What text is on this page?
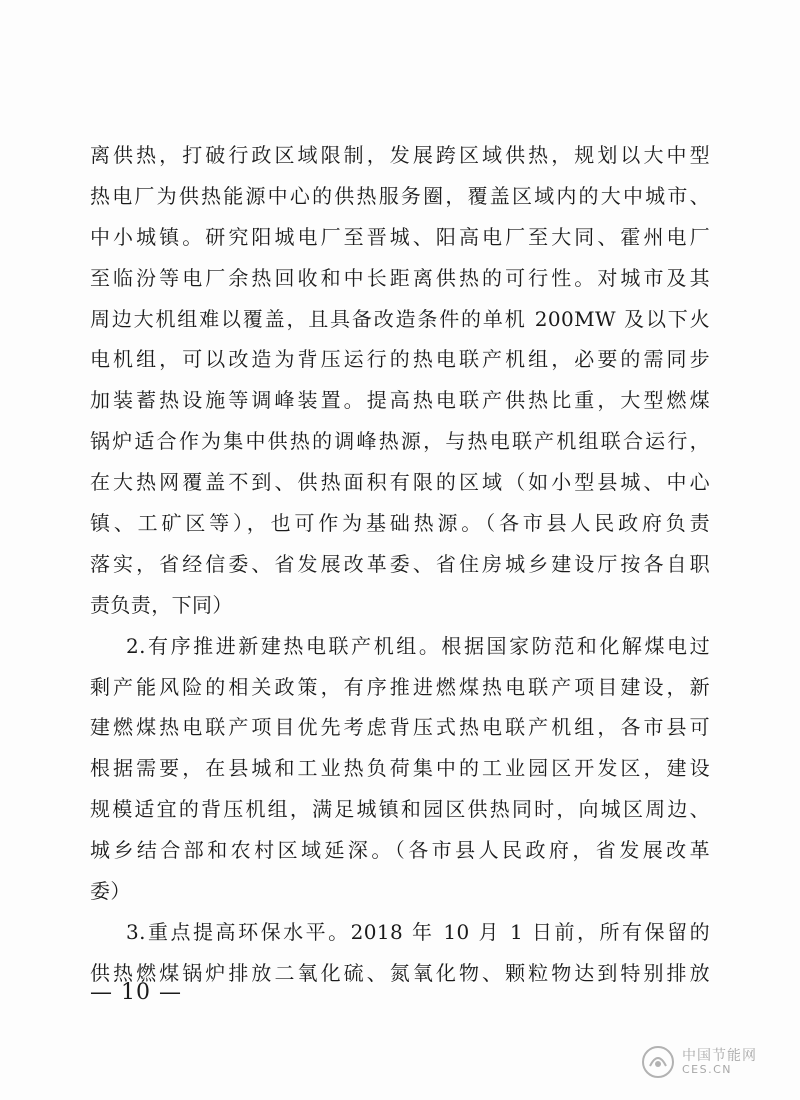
离供热，打破行政区域限制，发展跨区域供热，规划以大中型
热电厂为供热能源中心的供热服务圈，覆盖区域内的大中城市、
中小城镇。研究阳城电厂至晋城、阳高电厂至大同、霍州电厂
至临汾等电厂余热回收和中长距离供热的可行性。对城市及其
周边大机组难以覆盖，且具备改造条件的单机 200MW 及以下火
电机组，可以改造为背压运行的热电联产机组，必要的需同步
加装蓄热设施等调峰装置。提高热电联产供热比重，大型燃煤
锅炉适合作为集中供热的调峰热源，与热电联产机组联合运行，
在大热网覆盖不到、供热面积有限的区域（如小型县城、中心
镇、工矿区等），也可作为基础热源。（各市县人民政府负责
落实，省经信委、省发展改革委、省住房城乡建设厅按各自职
责负责，下同）
2.有序推进新建热电联产机组。根据国家防范和化解煤电过
剩产能风险的相关政策，有序推进燃煤热电联产项目建设，新
建燃煤热电联产项目优先考虑背压式热电联产机组，各市县可
根据需要，在县城和工业热负荷集中的工业园区开发区，建设
规模适宜的背压机组，满足城镇和园区供热同时，向城区周边、
城乡结合部和农村区域延深。（各市县人民政府，省发展改革
委）
3.重点提高环保水平。2018 年 10 月 1 日前，所有保留的
供热燃煤锅炉排放二氧化硫、氮氧化物、颗粒物达到特别排放
— 10 —
中国节能网
CES.CN
